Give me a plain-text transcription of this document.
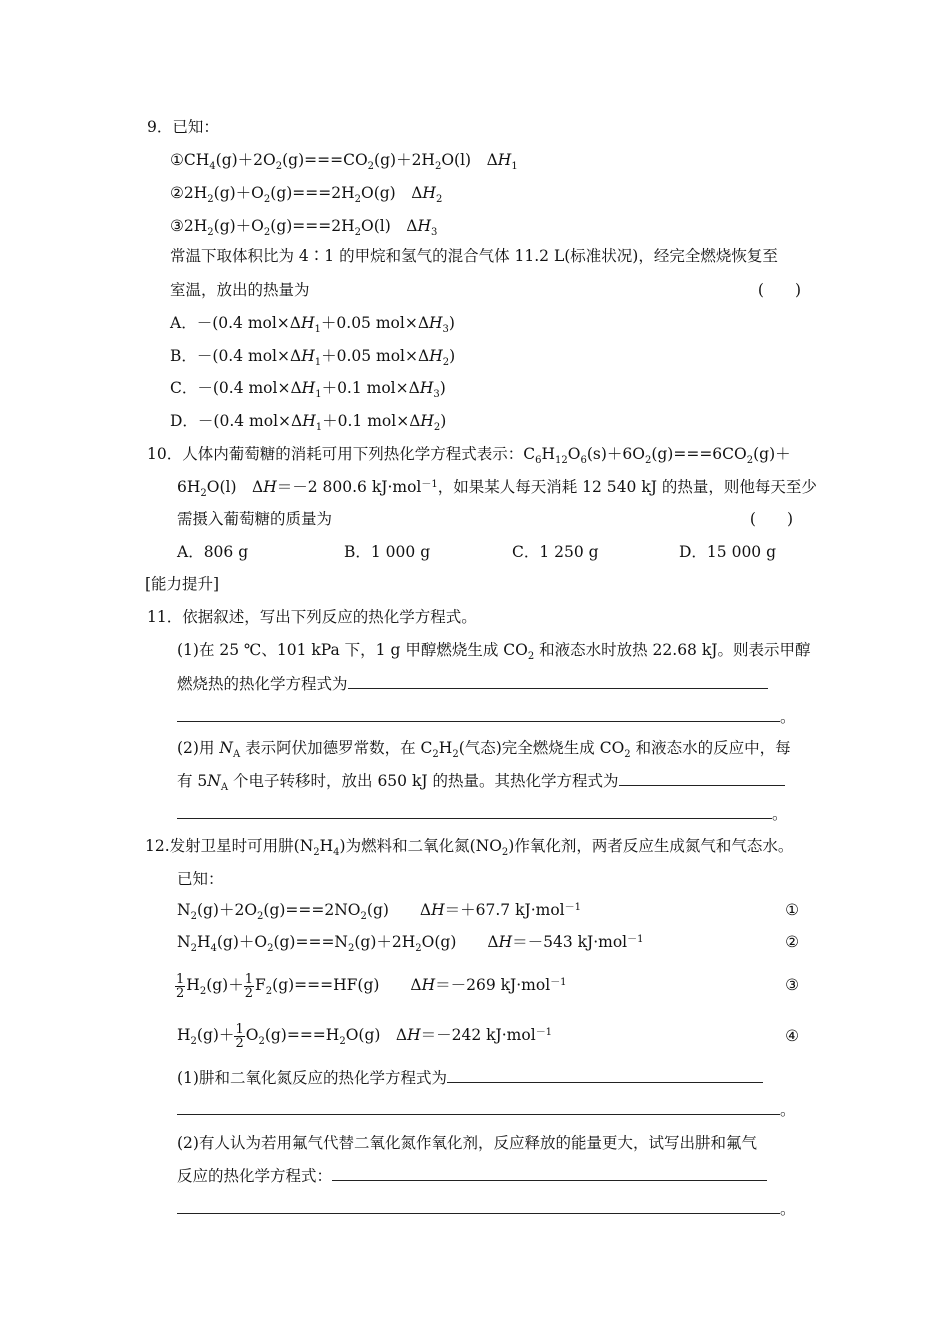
9．已知：
$①CH_4(g)+2O_2(g)===CO_2(g)+2H_2O(l)$　$\Delta H_1$
$②2H_2(g)+O_2(g)===2H_2O(g)$　$\Delta H_2$
$③2H_2(g)+O_2(g)===2H_2O(l)$　$\Delta H_3$
常温下取体积比为 4∶1 的甲烷和氢气的混合气体 11.2 L(标准状况)，经完全燃烧恢复至
室温，放出的热量为	(　　)
A．－(0.4 $mol\times\Delta H_1+0.05$ $mol\times\Delta H_3$)
B．－(0.4 $mol\times\Delta H_1+0.05$ $mol\times\Delta H_2$)
C．－(0.4 $mol\times\Delta H_1+0.1$ $mol\times\Delta H_3$)
D．－(0.4 $mol\times\Delta H_1+0.1$ $mol\times\Delta H_2$)
10．人体内葡萄糖的消耗可用下列热化学方程式表示：$C_6H_{12}O_6(s)+6O_2(g)===6CO_2(g)+$
$6H_2O(l)$　ΔH＝－2 800.6 kJ·mol$^{-1}$，如果某人每天消耗 12 540 kJ 的热量，则他每天至少
需摄入葡萄糖的质量为	(　　)
A．806 g	B．1 000 g	C．1 250 g	D．15 000 g
[能力提升]
11．依据叙述，写出下列反应的热化学方程式。
(1)在 25 ℃、101 kPa 下，1 g 甲醇燃烧生成 $CO_2$ 和液态水时放热 22.68 kJ。则表示甲醇
燃烧热的热化学方程式为
。
(2)用 $N_A$ 表示阿伏加德罗常数，在 $C_2H_2$(气态)完全燃烧生成 $CO_2$ 和液态水的反应中，每
有 $5N_A$ 个电子转移时，放出 650 kJ 的热量。其热化学方程式为
。
12.发射卫星时可用肼$(N_2H_4)$为燃料和二氧化氮$(NO_2)$作氧化剂，两者反应生成氮气和气态水。
已知：
$N_2(g)+2O_2(g)===2NO_2(g)$　　ΔH＝＋67.7 kJ·mol$^{-1}$	①
$N_2H_4(g)+O_2(g)===N_2(g)+2H_2O(g)$　　ΔH＝－543 kJ·mol$^{-1}$	②
$\frac{1}{2} H_2(g)+ \frac{1}{2} F_2(g)===HF(g)$　　ΔH＝－269 kJ·mol$^{-1}$	③
$H_2(g)+ \frac{1}{2} O_2(g)===H_2O(g)$　ΔH＝－242 kJ·mol$^{-1}$	④
(1)肼和二氧化氮反应的热化学方程式为
。
(2)有人认为若用氟气代替二氧化氮作氧化剂，反应释放的能量更大，试写出肼和氟气
反应的热化学方程式：
。
